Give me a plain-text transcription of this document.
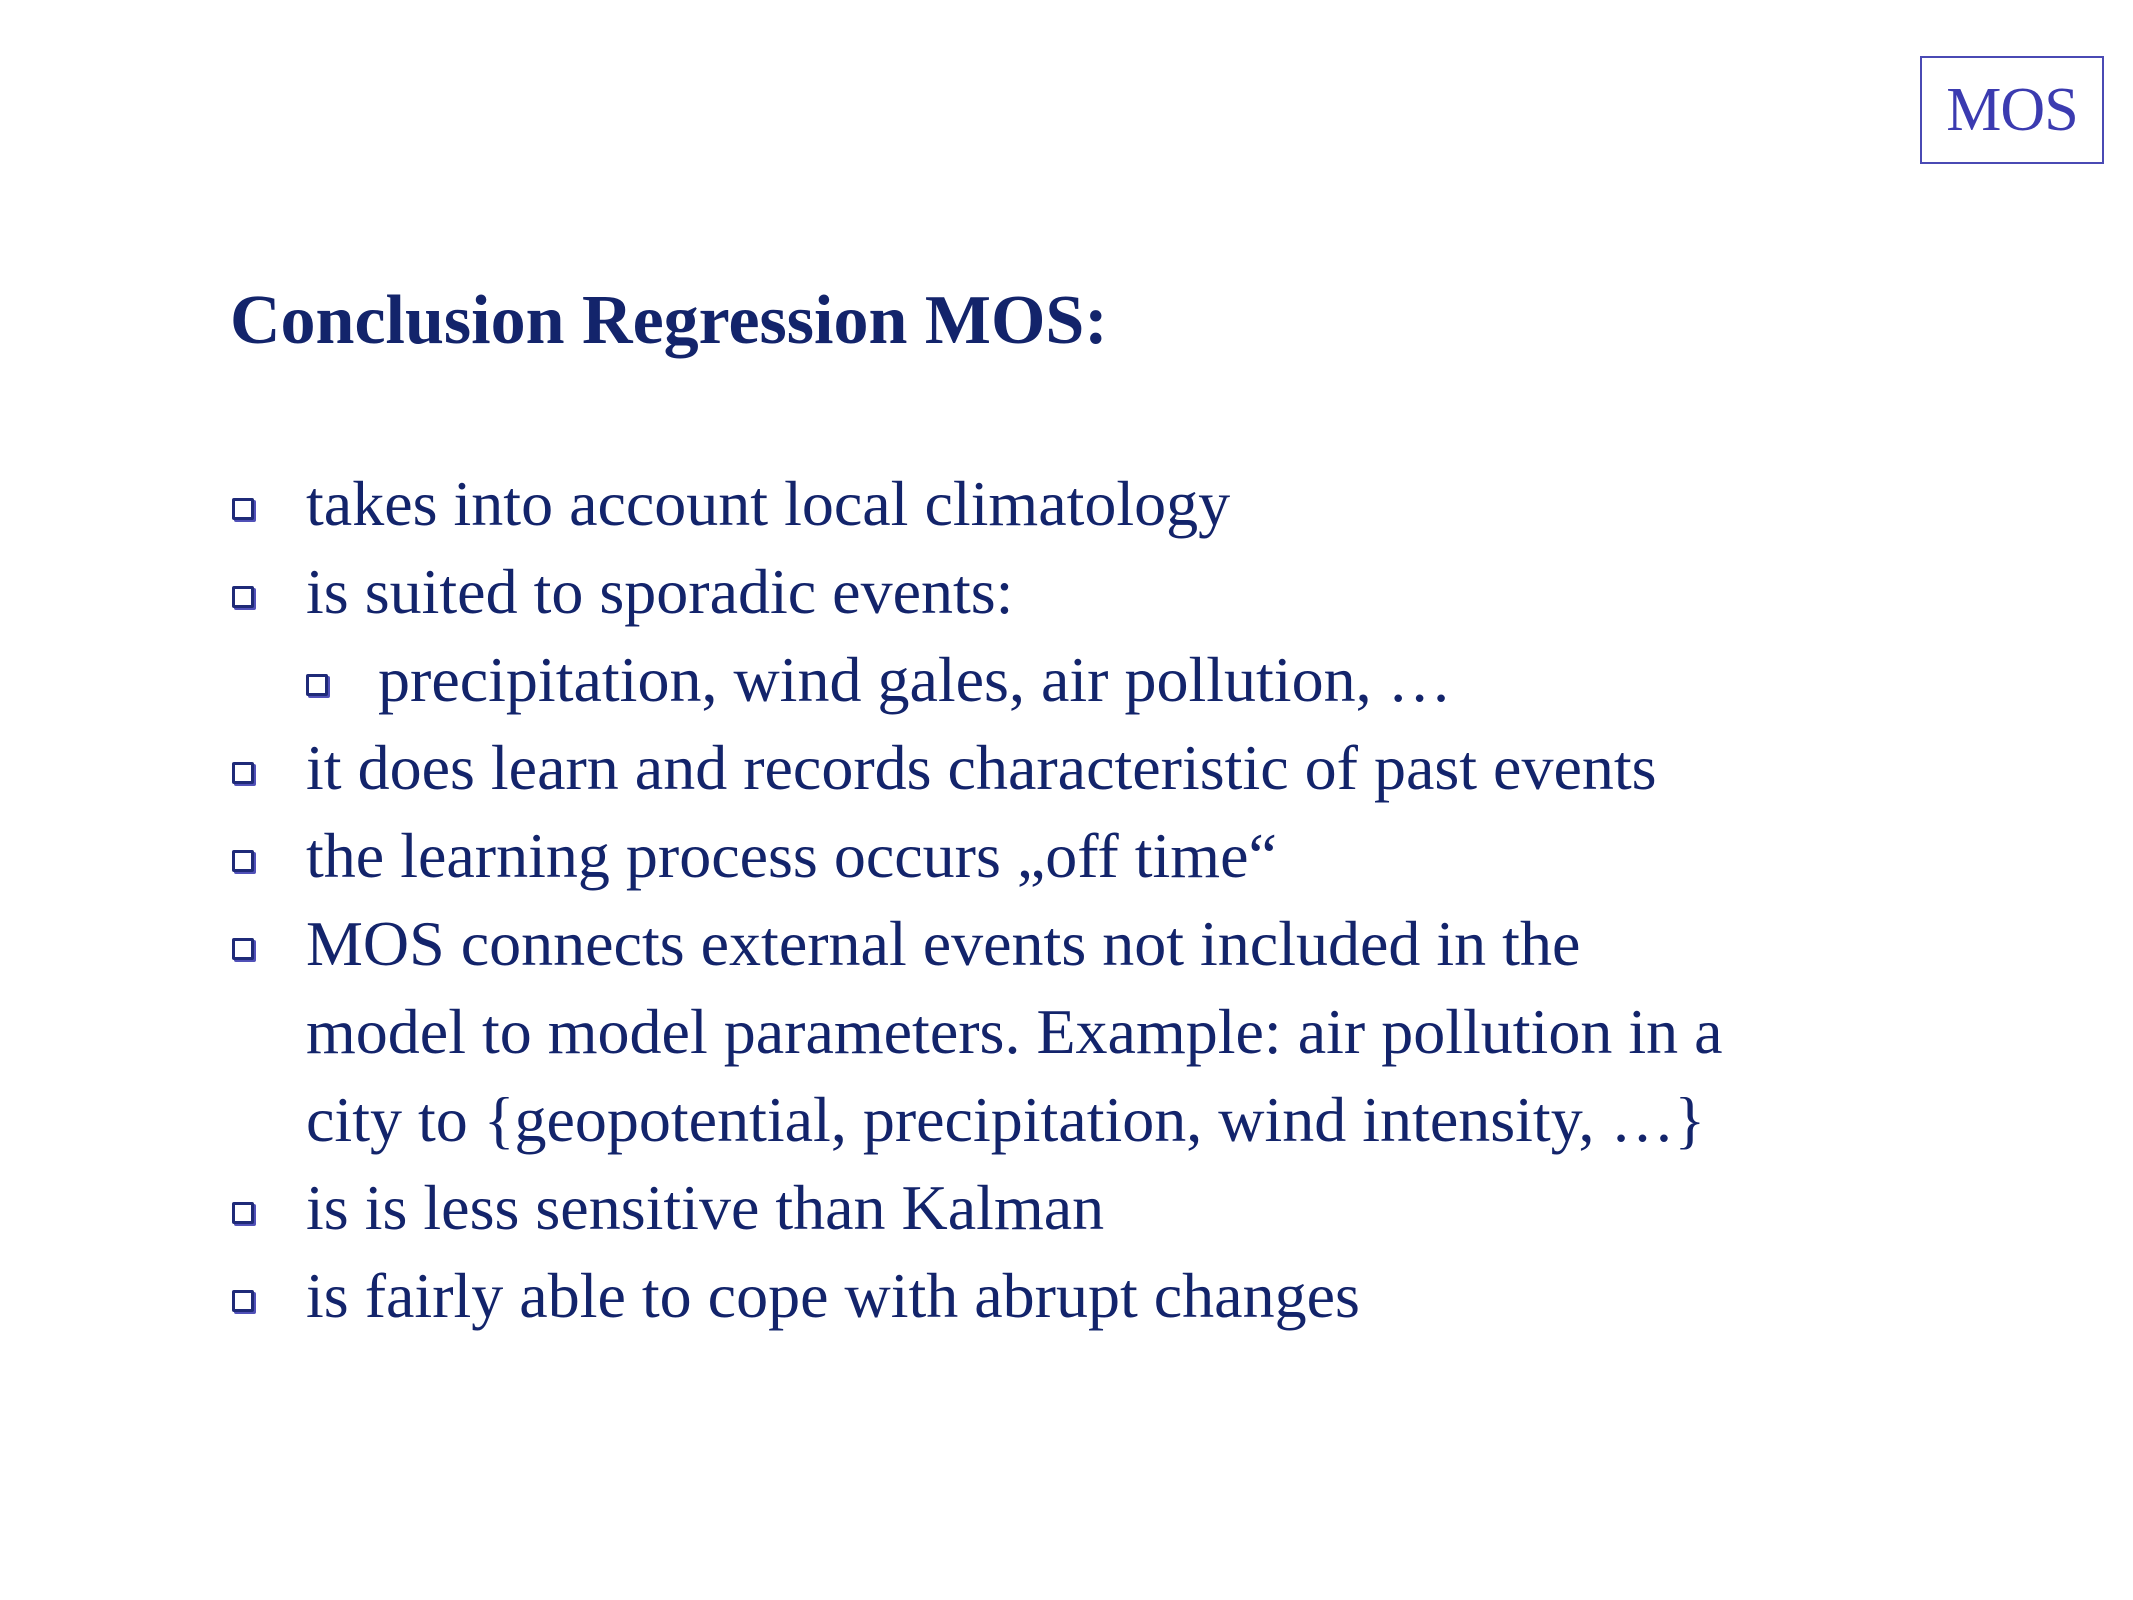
MOS
Conclusion Regression MOS:
takes into account local climatology
is suited to sporadic events:
precipitation, wind gales, air pollution, …
it does learn and records characteristic of past events
the learning process occurs „off time“
MOS connects external events not included in the
model to model parameters. Example: air pollution in a
city to {geopotential, precipitation, wind intensity, …}
is is less sensitive than Kalman
is fairly able to cope with abrupt changes
